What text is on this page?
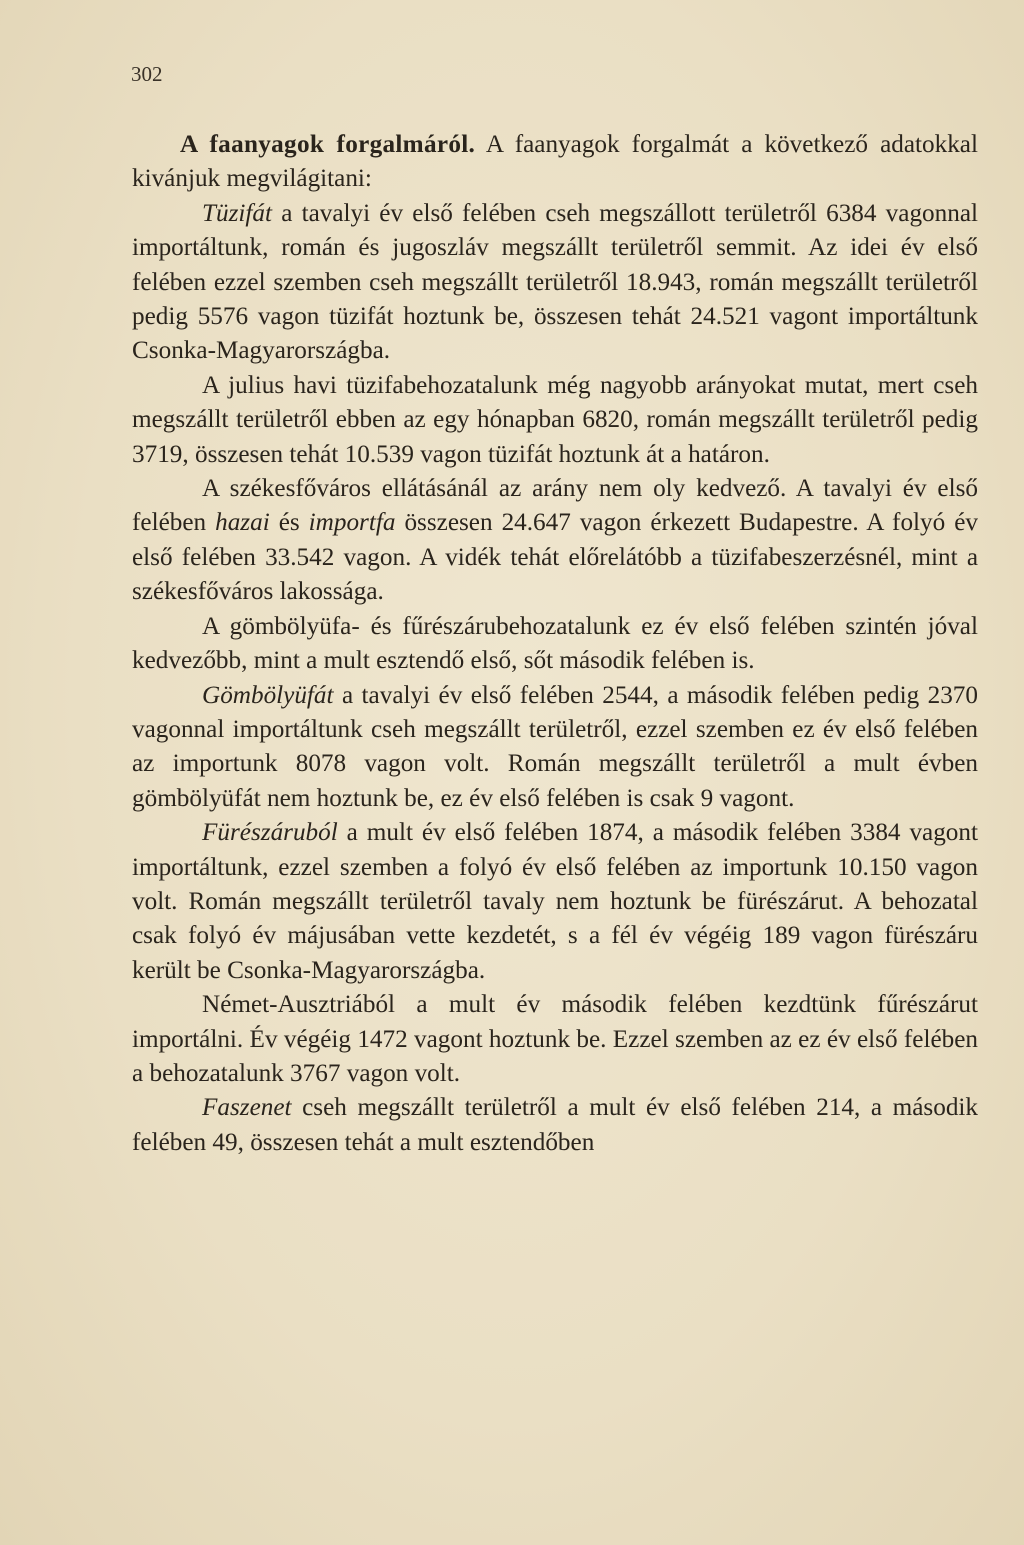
302

A faanyagok forgalmáról. A faanyagok forgalmát a következő adatokkal kivánjuk megvilágitani:

Tüzifát a tavalyi év első felében cseh megszállott területről 6384 vagonnal importáltunk, román és jugoszláv megszállt területről semmit. Az idei év első felében ezzel szemben cseh megszállt területről 18.943, román megszállt területről pedig 5576 vagon tüzifát hoztunk be, összesen tehát 24.521 vagont importáltunk Csonka-Magyarországba.

A julius havi tüzifabehozatalunk még nagyobb arányokat mutat, mert cseh megszállt területről ebben az egy hónapban 6820, román megszállt területről pedig 3719, összesen tehát 10.539 vagon tüzifát hoztunk át a határon.

A székesfőváros ellátásánál az arány nem oly kedvező. A tavalyi év első felében hazai és importfa összesen 24.647 vagon érkezett Budapestre. A folyó év első felében 33.542 vagon. A vidék tehát előrelátóbb a tüzifabeszerzésnél, mint a székesfőváros lakossága.

A gömbölyüfa- és fűrészárubehozatalunk ez év első felében szintén jóval kedvezőbb, mint a mult esztendő első, sőt második felében is.

Gömbölyüfát a tavalyi év első felében 2544, a második felében pedig 2370 vagonnal importáltunk cseh megszállt területről, ezzel szemben ez év első felében az importunk 8078 vagon volt. Román megszállt területről a mult évben gömbölyüfát nem hoztunk be, ez év első felében is csak 9 vagont.

Fürészáruból a mult év első felében 1874, a második felében 3384 vagont importáltunk, ezzel szemben a folyó év első felében az importunk 10.150 vagon volt. Román megszállt területről tavaly nem hoztunk be fürészárut. A behozatal csak folyó év májusában vette kezdetét, s a fél év végéig 189 vagon fürészáru került be Csonka-Magyarországba.

Német-Ausztriából a mult év második felében kezdtünk fűrészárut importálni. Év végéig 1472 vagont hoztunk be. Ezzel szemben az ez év első felében a behozatalunk 3767 vagon volt.

Faszenet cseh megszállt területről a mult év első felében 214, a második felében 49, összesen tehát a mult esztendőben
